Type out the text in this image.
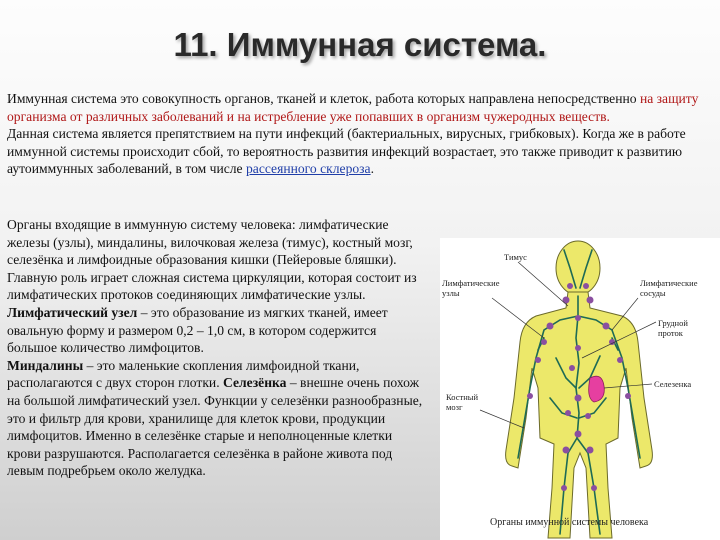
11. Иммунная система.

Иммунная система это совокупность органов, тканей и клеток, работа которых направлена непосредственно на защиту организма от различных заболеваний и на истребление уже попавших в организм чужеродных веществ.

Данная система является препятствием на пути инфекций (бактериальных, вирусных, грибковых). Когда же в работе иммунной системы происходит сбой, то вероятность развития инфекций возрастает, это также приводит к развитию аутоиммунных заболеваний, в том числе рассеянного склероза.

Органы входящие в иммунную систему человека: лимфатические железы (узлы), миндалины, вилочковая железа (тимус), костный мозг, селезёнка и лимфоидные образования кишки (Пейеровые бляшки). Главную роль играет сложная система циркуляции, которая состоит из лимфатических протоков соединяющих лимфатические узлы.

Лимфатический узел – это образование из мягких тканей, имеет овальную форму и размером 0,2 – 1,0 см, в котором содержится большое количество лимфоцитов.

Миндалины – это маленькие скопления лимфоидной ткани, располагаются с двух сторон глотки. Селезёнка – внешне очень похож на большой лимфатический узел. Функции у селезёнки разнообразные, это и фильтр для крови, хранилище для клеток крови, продукции лимфоцитов. Именно в селезёнке старые и неполноценные клетки крови разрушаются. Располагается селезёнка в районе живота под левым подребрьем около желудка.

Тимус
Лимфатические
узлы
Лимфатические
сосуды
Грудной
проток
Селезенка
Костный
мозг
Органы иммунной системы человека
